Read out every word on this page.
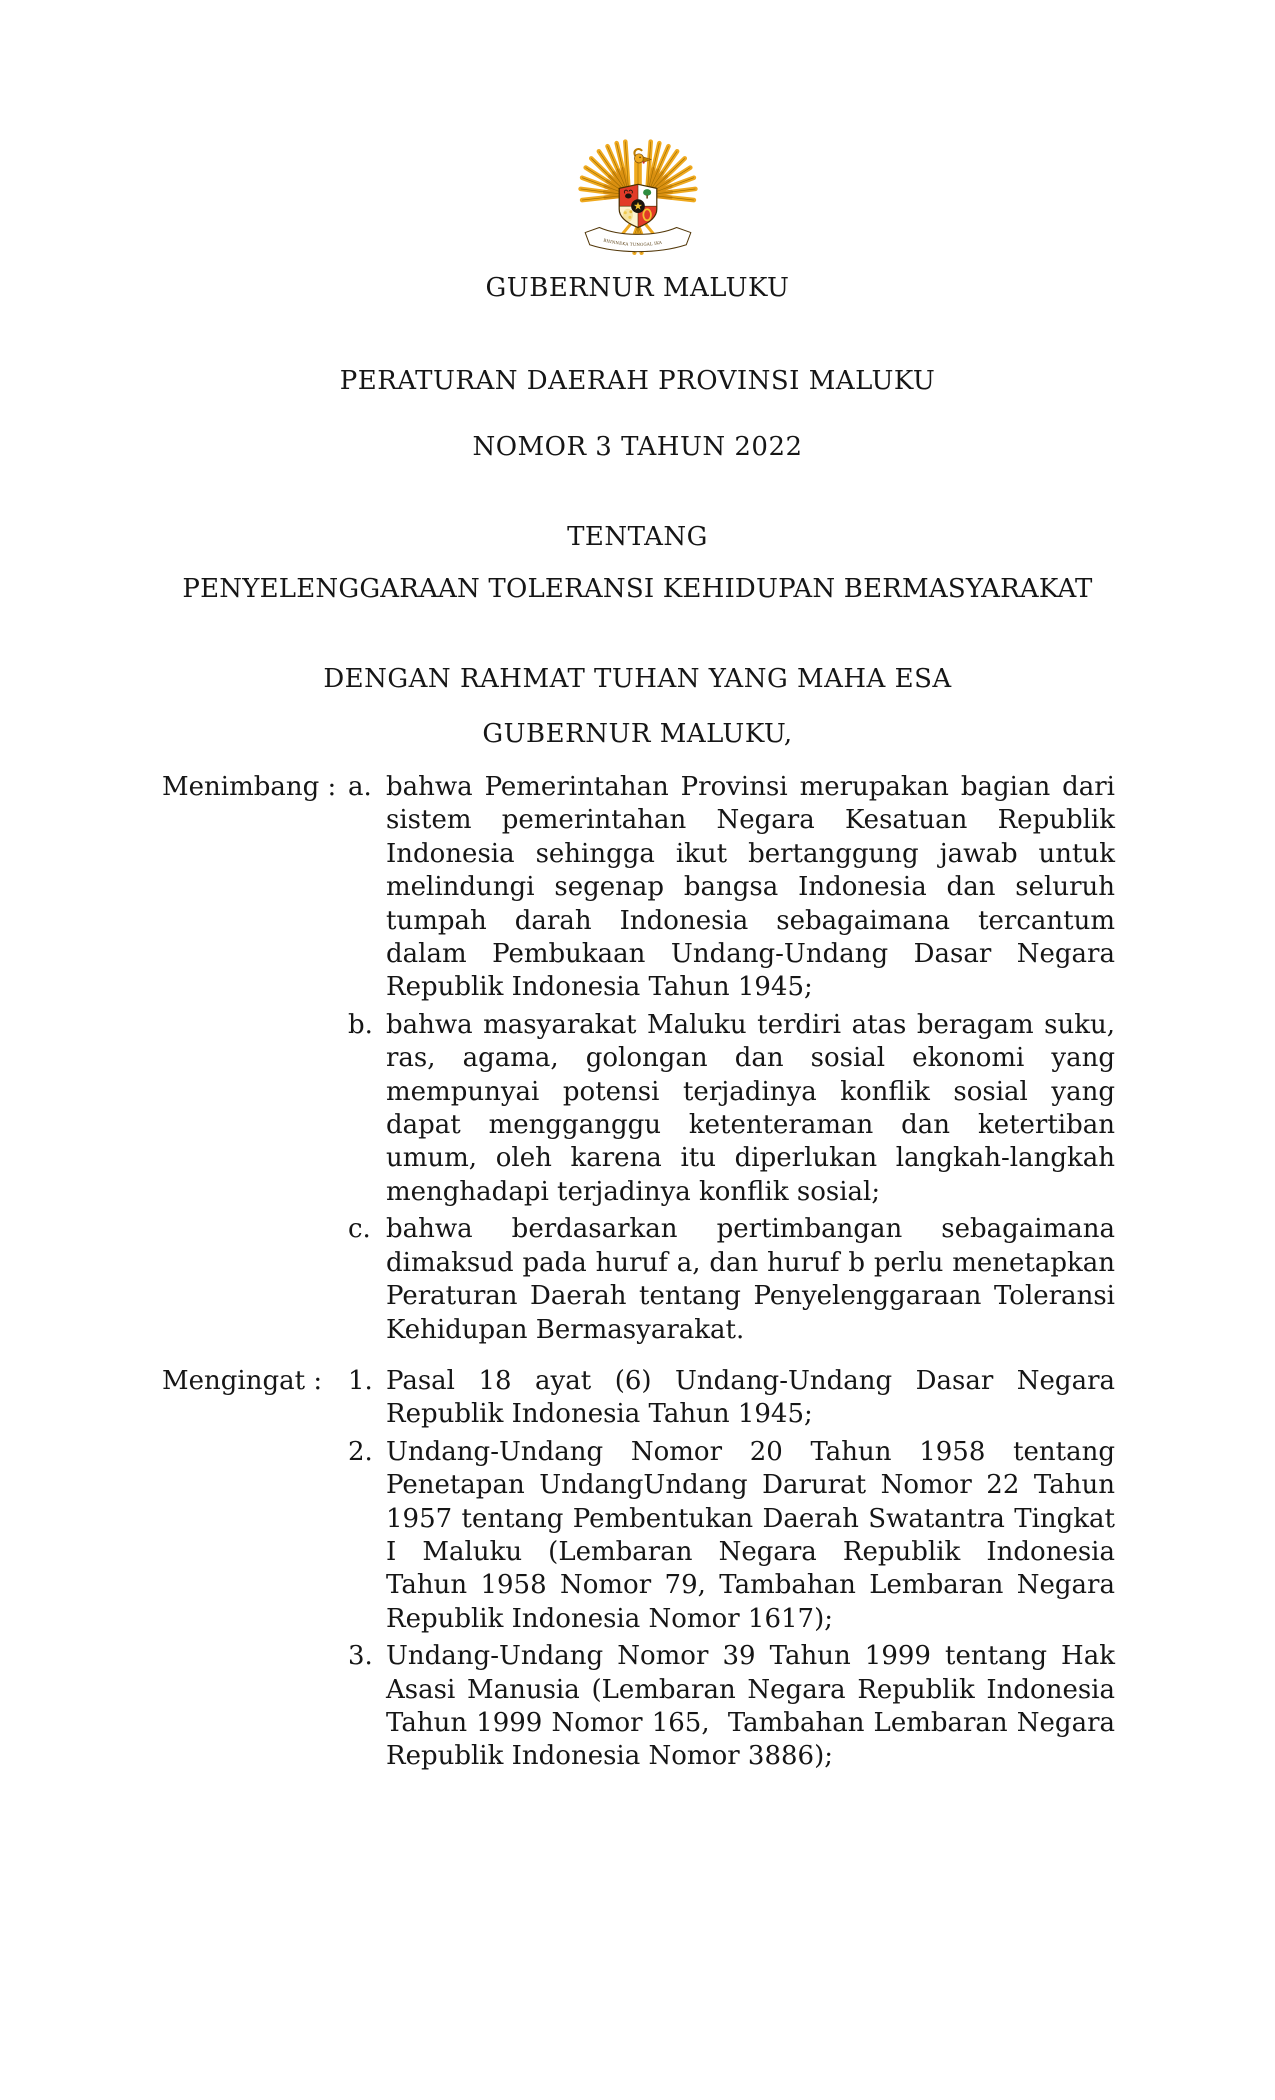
BHINNEKA TUNGGAL IKA
GUBERNUR MALUKU

PERATURAN DAERAH PROVINSI MALUKU

NOMOR 3 TAHUN 2022

TENTANG
PENYELENGGARAAN TOLERANSI KEHIDUPAN BERMASYARAKAT
DENGAN RAHMAT TUHAN YANG MAHA ESA
GUBERNUR MALUKU,
Menimbang : a. bahwa Pemerintahan Provinsi merupakan bagian dari sistem pemerintahan Negara Kesatuan Republik Indonesia sehingga ikut bertanggung jawab untuk melindungi segenap bangsa Indonesia dan seluruh tumpah darah Indonesia sebagaimana tercantum dalam Pembukaan Undang-Undang Dasar Negara Republik Indonesia Tahun 1945;
b. bahwa masyarakat Maluku terdiri atas beragam suku, ras, agama, golongan dan sosial ekonomi yang mempunyai potensi terjadinya konflik sosial yang dapat mengganggu ketenteraman dan ketertiban umum, oleh karena itu diperlukan langkah-langkah menghadapi terjadinya konflik sosial;
c. bahwa berdasarkan pertimbangan sebagaimana dimaksud pada huruf a, dan huruf b perlu menetapkan Peraturan Daerah tentang Penyelenggaraan Toleransi Kehidupan Bermasyarakat.
Mengingat : 1. Pasal 18 ayat (6) Undang-Undang Dasar Negara Republik Indonesia Tahun 1945;
2. Undang-Undang Nomor 20 Tahun 1958 tentang Penetapan UndangUndang Darurat Nomor 22 Tahun 1957 tentang Pembentukan Daerah Swatantra Tingkat I Maluku (Lembaran Negara Republik Indonesia Tahun 1958 Nomor 79, Tambahan Lembaran Negara Republik Indonesia Nomor 1617);
3. Undang-Undang Nomor 39 Tahun 1999 tentang Hak Asasi Manusia (Lembaran Negara Republik Indonesia Tahun 1999 Nomor 165,  Tambahan Lembaran Negara Republik Indonesia Nomor 3886);
